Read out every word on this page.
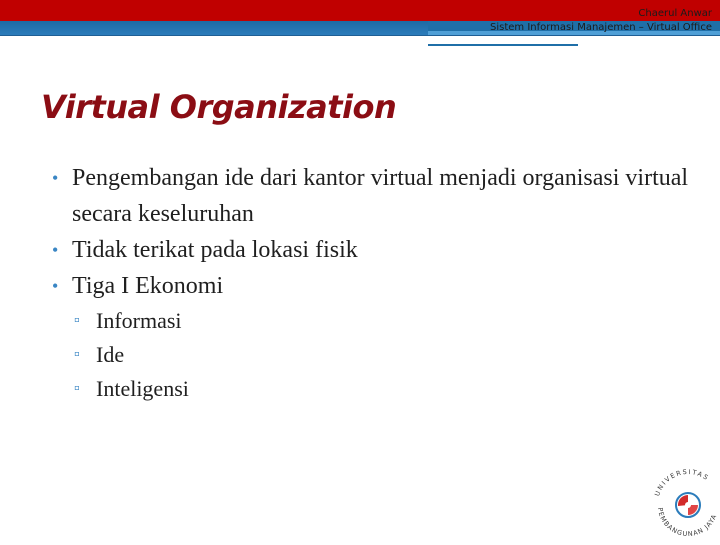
Chaerul Anwar
Sistem Informasi Manajemen – Virtual Office
Virtual Organization
• Pengembangan ide dari kantor virtual menjadi organisasi virtual secara keseluruhan
• Tidak terikat pada lokasi fisik
• Tiga I Ekonomi
▫ Informasi
▫ Ide
▫ Inteligensi
UNIVERSITAS
PEMBANGUNAN JAYA
